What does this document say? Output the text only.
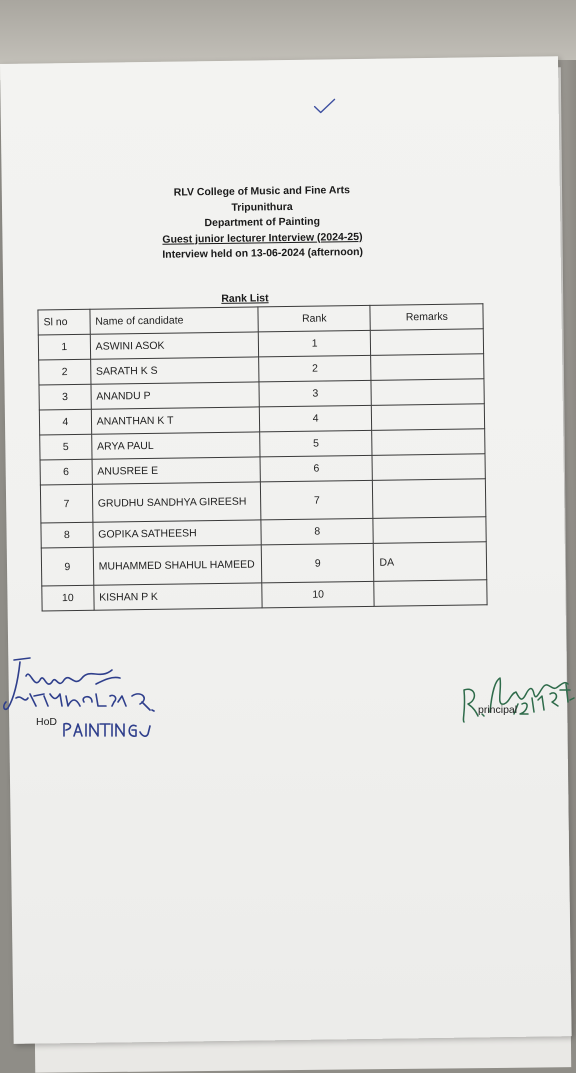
RLV College of Music and Fine Arts
Tripunithura
Department of Painting
Guest junior lecturer Interview (2024-25)
Interview held on 13-06-2024 (afternoon)
Rank List
Sl no	Name of candidate	Rank	Remarks
1	ASWINI ASOK	1	
2	SARATH K S	2	
3	ANANDU P	3	
4	ANANTHAN K T	4	
5	ARYA PAUL	5	
6	ANUSREE E	6	
7	GRUDHU SANDHYA GIREESH	7	
8	GOPIKA SATHEESH	8	
9	MUHAMMED SHAHUL HAMEED	9	DA
10	KISHAN P K	10	
HoD
principal
